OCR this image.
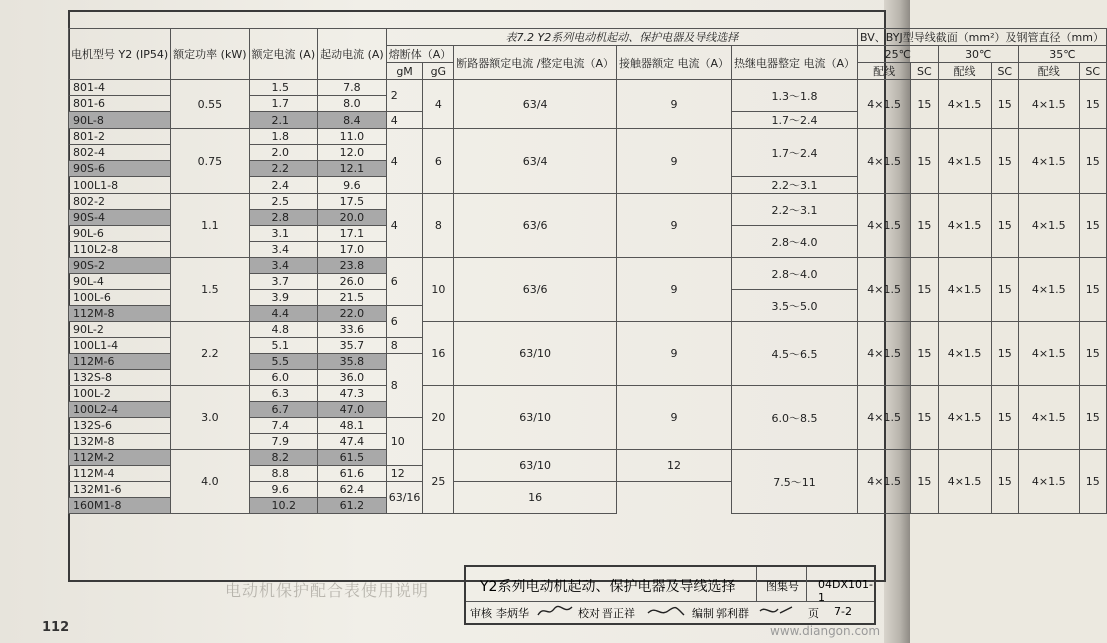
电动机保护配合表使用说明
电机型号 Y2 (IP54)	额定功率 (kW)	额定电流 (A)	起动电流 (A)	表7.2 Y2系列电动机起动、保护电器及导线选择					BV、BYJ型导线截面（mm²）及钢管直径（mm）					
				熔断体（A）		断路器额定电流 /整定电流（A）	接触器额定 电流（A）	热继电器整定 电流（A）	25℃		30℃		35℃	
				gM	gG				配线	SC	配线	SC	配线	SC
801-4	0.55	1.5	7.8	2	4	63/4	9	1.3～1.8	4×1.5	15	4×1.5	15	4×1.5	15
801-6		1.7	8.0											
90L-8		2.1	8.4	4				1.7～2.4						
801-2	0.75	1.8	11.0	4	6	63/4	9	1.7～2.4	4×1.5	15	4×1.5	15	4×1.5	15
802-4		2.0	12.0											
90S-6		2.2	12.1											
100L1-8		2.4	9.6					2.2～3.1						
802-2	1.1	2.5	17.5	4	8	63/6	9	2.2～3.1	4×1.5	15	4×1.5	15	4×1.5	15
90S-4		2.8	20.0											
90L-6		3.1	17.1					2.8～4.0						
110L2-8		3.4	17.0											
90S-2	1.5	3.4	23.8	6	10	63/6	9	2.8～4.0	4×1.5	15	4×1.5	15	4×1.5	15
90L-4		3.7	26.0											
100L-6		3.9	21.5					3.5～5.0						
112M-8		4.4	22.0	6										
90L-2	2.2	4.8	33.6		16	63/10	9	4.5～6.5	4×1.5	15	4×1.5	15	4×1.5	15
100L1-4		5.1	35.7	8										
112M-6		5.5	35.8	8										
132S-8		6.0	36.0											
100L-2	3.0	6.3	47.3		20	63/10	9	6.0～8.5	4×1.5	15	4×1.5	15	4×1.5	15
100L2-4		6.7	47.0											
132S-6		7.4	48.1	10										
132M-8		7.9	47.4											
112M-2	4.0	8.2	61.5		25	63/10	12	7.5～11	4×1.5	15	4×1.5	15	4×1.5	15
112M-4		8.8	61.6	12										
132M1-6		9.6	62.4	63/16		16								
160M1-8		10.2	61.2											
Y2系列电动机起动、保护电器及导线选择	图集号 04DX101-1
审核 李炳华	校对 晋正祥	编制 郭利群	页 7-2
112	www.diangon.com
